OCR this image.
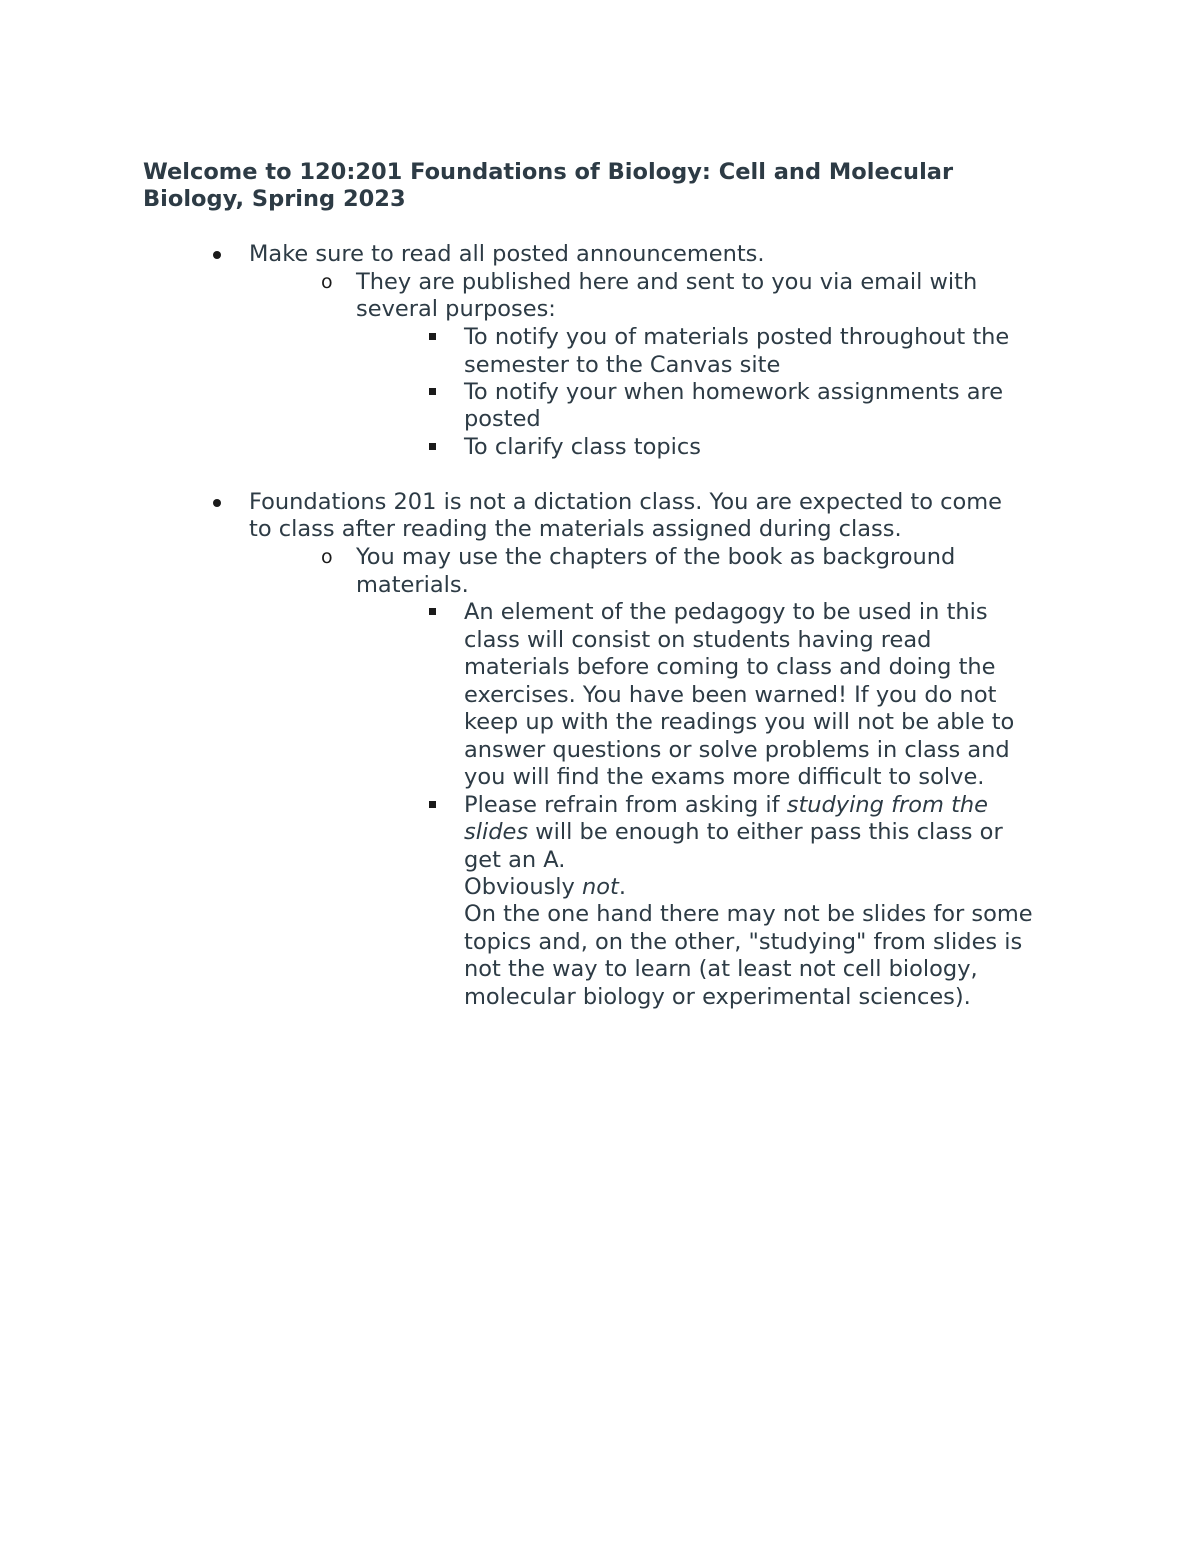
Welcome to 120:201 Foundations of Biology: Cell and Molecular
Biology, Spring 2023
Make sure to read all posted announcements.
o They are published here and sent to you via email with
several purposes:
To notify you of materials posted throughout the
semester to the Canvas site
To notify your when homework assignments are
posted
To clarify class topics
Foundations 201 is not a dictation class. You are expected to come
to class after reading the materials assigned during class.
o You may use the chapters of the book as background
materials.
An element of the pedagogy to be used in this
class will consist on students having read
materials before coming to class and doing the
exercises. You have been warned! If you do not
keep up with the readings you will not be able to
answer questions or solve problems in class and
you will find the exams more difficult to solve.
Please refrain from asking if studying from the
slides will be enough to either pass this class or
get an A.
Obviously not.
On the one hand there may not be slides for some
topics and, on the other, "studying" from slides is
not the way to learn (at least not cell biology,
molecular biology or experimental sciences).
